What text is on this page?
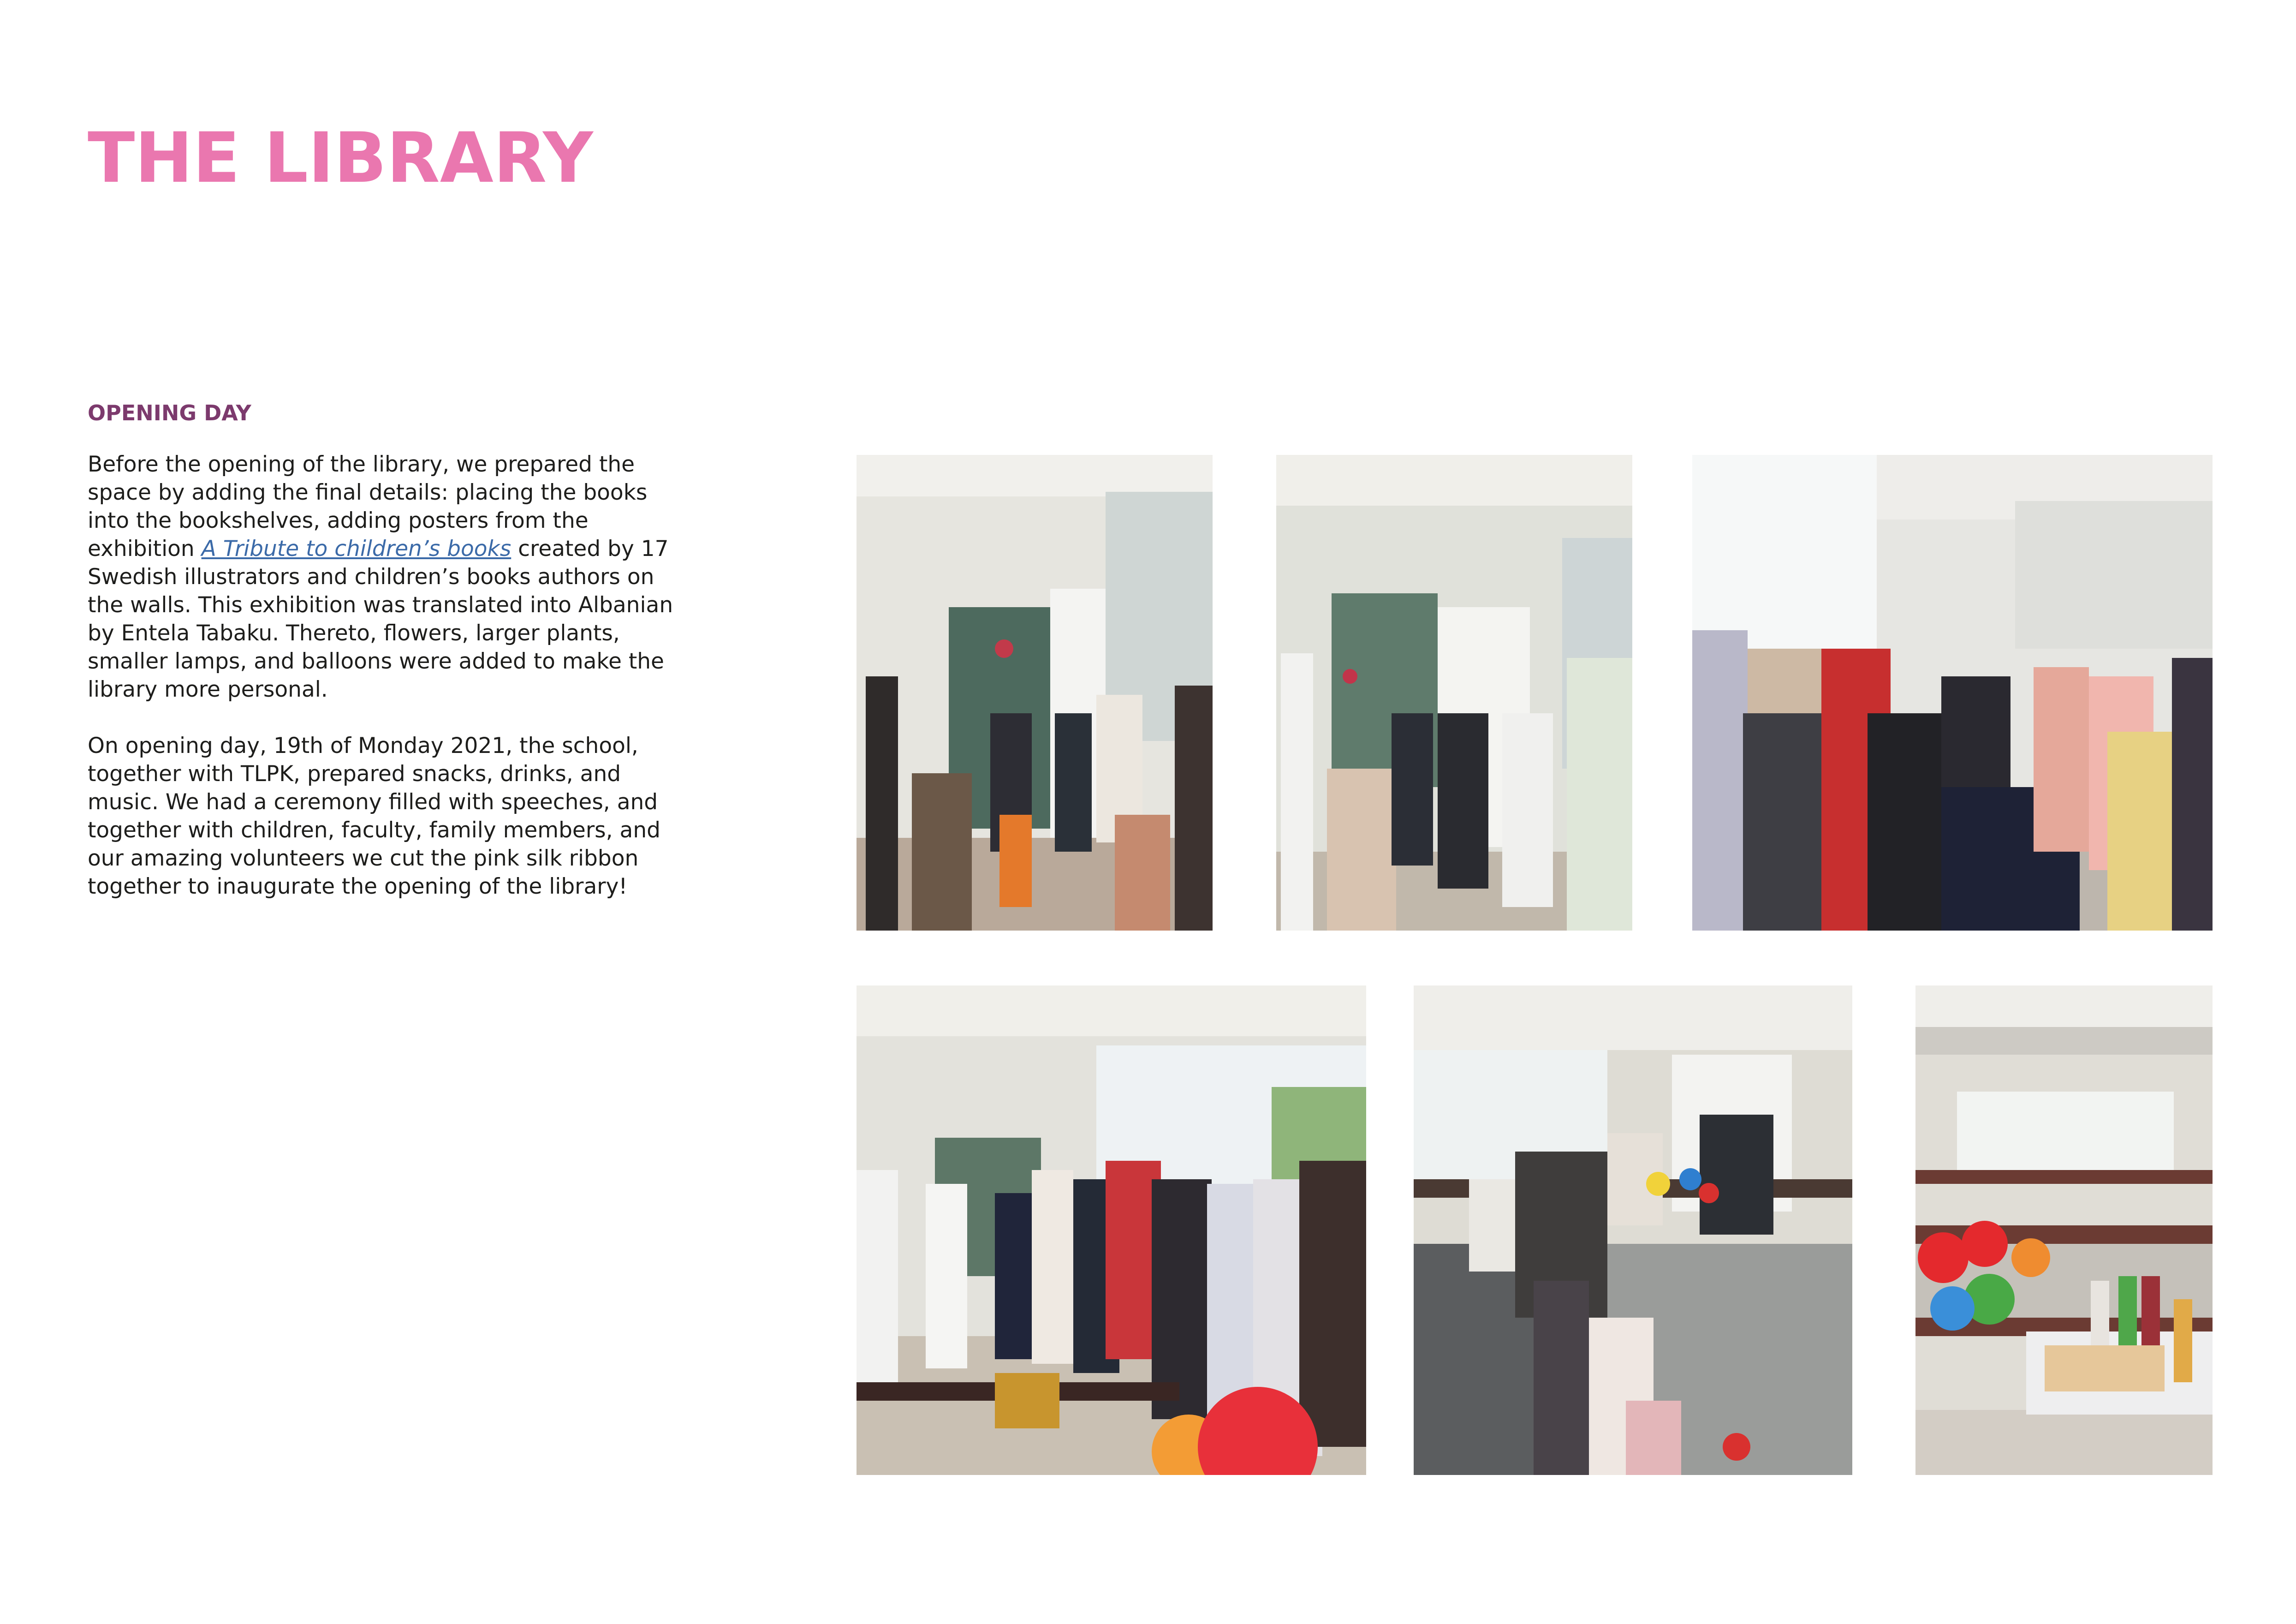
THE LIBRARY
OPENING DAY

Before the opening of the library, we prepared the space by adding the final details: placing the books into the bookshelves, adding posters from the exhibition A Tribute to children’s books created by 17 Swedish illustrators and children’s books authors on the walls. This exhibition was translated into Albanian by Entela Tabaku. Thereto, flowers, larger plants, smaller lamps, and balloons were added to make the library more personal.

On opening day, 19th of Monday 2021, the school, together with TLPK, prepared snacks, drinks, and music. We had a ceremony filled with speeches, and together with children, faculty, family members, and our amazing volunteers we cut the pink silk ribbon together to inaugurate the opening of the library!
